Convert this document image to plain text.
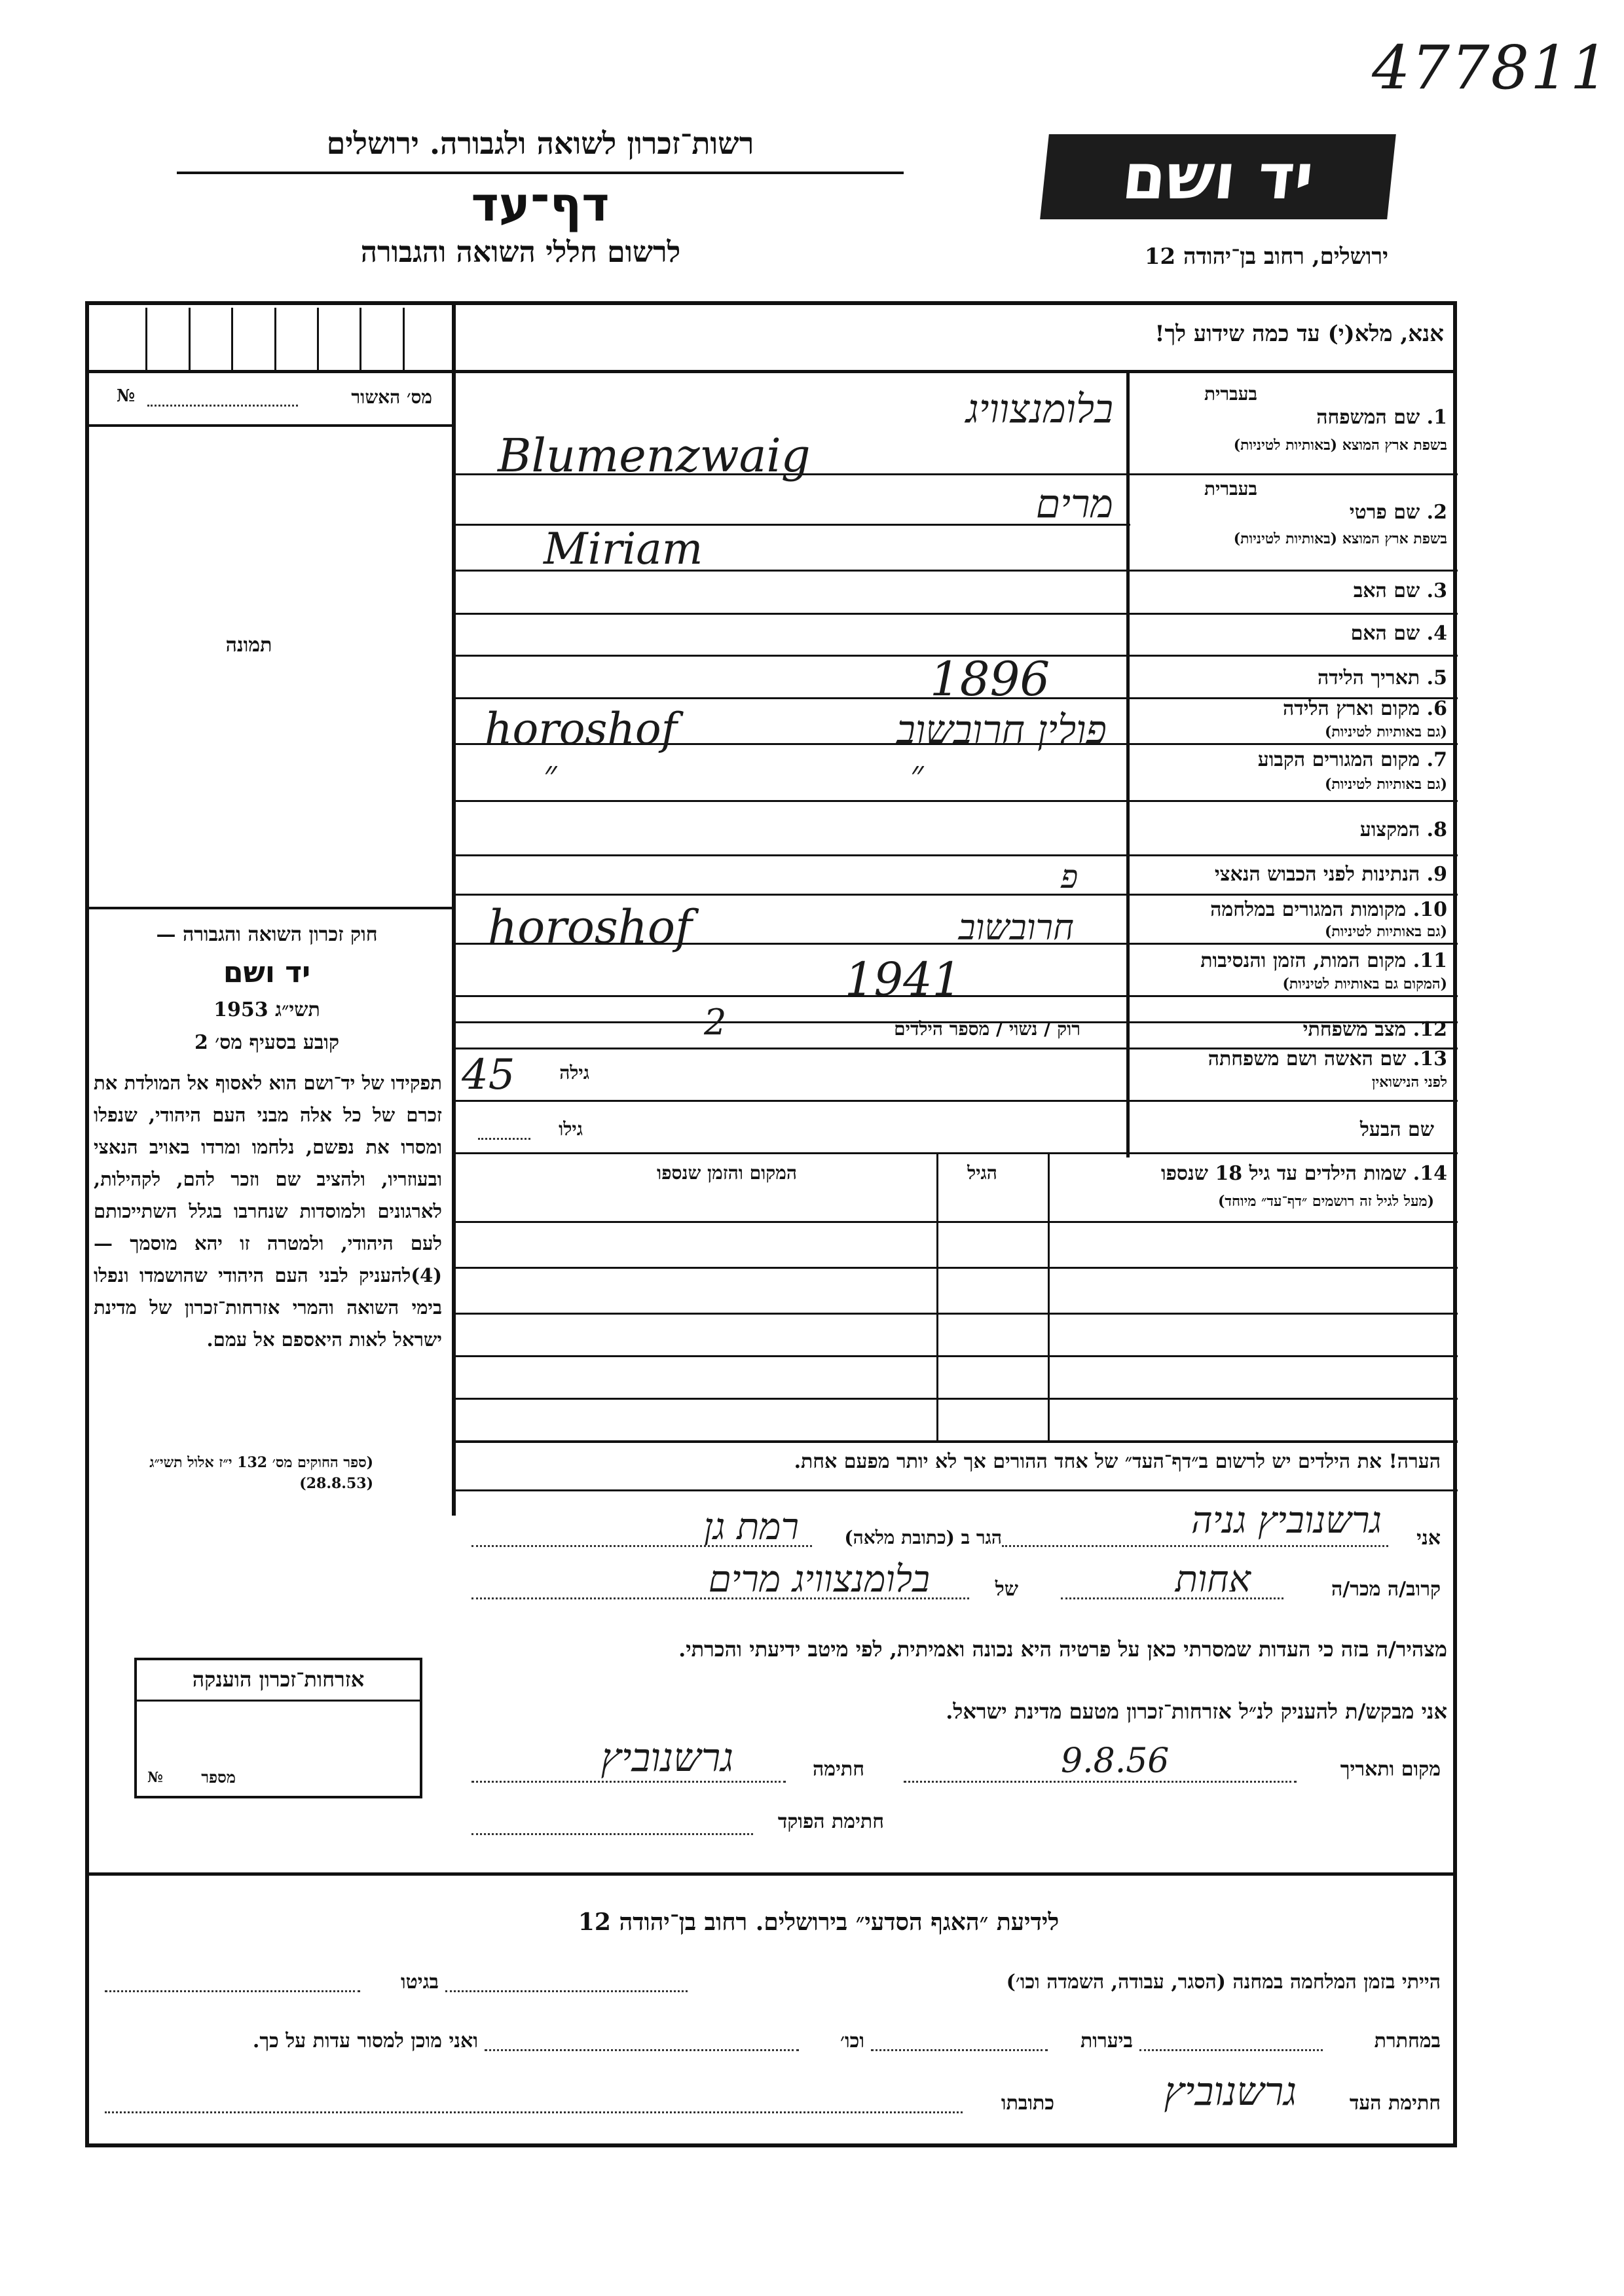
477811
יד ושם
ירושלים, רחוב בן־יהודה 12
רשות־זכרון לשואה ולגבורה. ירושלים
דף־עד
לרשום חללי השואה והגבורה
אנא, מלא(י) עד כמה שידוע לך!
מס׳ האשור
№
תמונה
חוק זכרון השואה והגבורה —
יד ושם
תשי״ג 1953
קובע בסעיף מס׳ 2
תפקידו של יד־ושם הוא לאסוף אל המולדת את זכרם של כל אלה מבני העם היהודי, שנפלו ומסרו את נפשם, נלחמו ומרדו באויב הנאצי ובעוזריו, ולהציב שם וזכר להם, לקהילות, לארגונים ולמוסדות שנחרבו בגלל השתייכותם לעם היהודי, ולמטרה זו יהא מוסמך — (4)להעניק לבני העם היהודי שהושמדו ונפלו בימי השואה והמרי אזרחות־זכרון של מדינת ישראל לאות היאספם אל עמם.
(ספר החוקים מס׳ 132 י״ז אלול תשי״ג (28.8.53)
אזרחות־זכרון הוענקה
מספר
№
בעברית
1. שם המשפחה
בשפת ארץ המוצא (באותיות לטיניות)
בלומנצוויג
Blumenzwaig
בעברית
2. שם פרטי
בשפת ארץ המוצא (באותיות לטיניות)
מרים
Miriam
3. שם האב
4. שם האם
5. תאריך הלידה
1896
6. מקום וארץ הלידה
(גם באותיות לטיניות)
פולין חרובשוב
horoshof
7. מקום המגורים הקבוע
(גם באותיות לטיניות)
״
״
8. המקצוע
9. הנתינות לפני הכבוש הנאצי
פ
10. מקומות המגורים במלחמה
(גם באותיות לטיניות)
חרובשוב
horoshof
11. מקום המות, הזמן והנסיבות
(המקום גם באותיות לטיניות)
1941
12. מצב משפחתי
רוק / נשוי / מספר הילדים
2
13. שם האשה ושם משפחתה
לפני הנישואין
גילה
45
שם הבעל
גילו
14. שמות הילדים עד גיל 18 שנספו
(מעל לגיל זה רושמים ״דף־עד״ מיוחד)
הגיל
המקום והזמן שנספו
הערה! את הילדים יש לרשום ב״דף־העד״ של אחד ההורים אך לא יותר מפעם אחת.
אני
גרשנוביץ גניה
הגר ב (כתובת מלאה)
רמת גן
קרוב/ה מכר/ה
אחות
של
בלומנצוויג מרים
מצהיר/ה בזה כי העדות שמסרתי כאן על פרטיה היא נכונה ואמיתית, לפי מיטב ידיעתי והכרתי.
אני מבקש/ת להעניק לנ״ל אזרחות־זכרון מטעם מדינת ישראל.
מקום ותאריך
9.8.56
חתימה
גרשנוביץ
חתימת הפוקד
לידיעת ״האגף הסדעי״ בירושלים. רחוב בן־יהודה 12
הייתי בזמן המלחמה במחנה (הסגר, עבודה, השמדה וכו׳)
בגיטו
במחתרת
ביערות
וכו׳
ואני מוכן למסור עדות על כך.
חתימת העד
גרשנוביץ
כתובתו
